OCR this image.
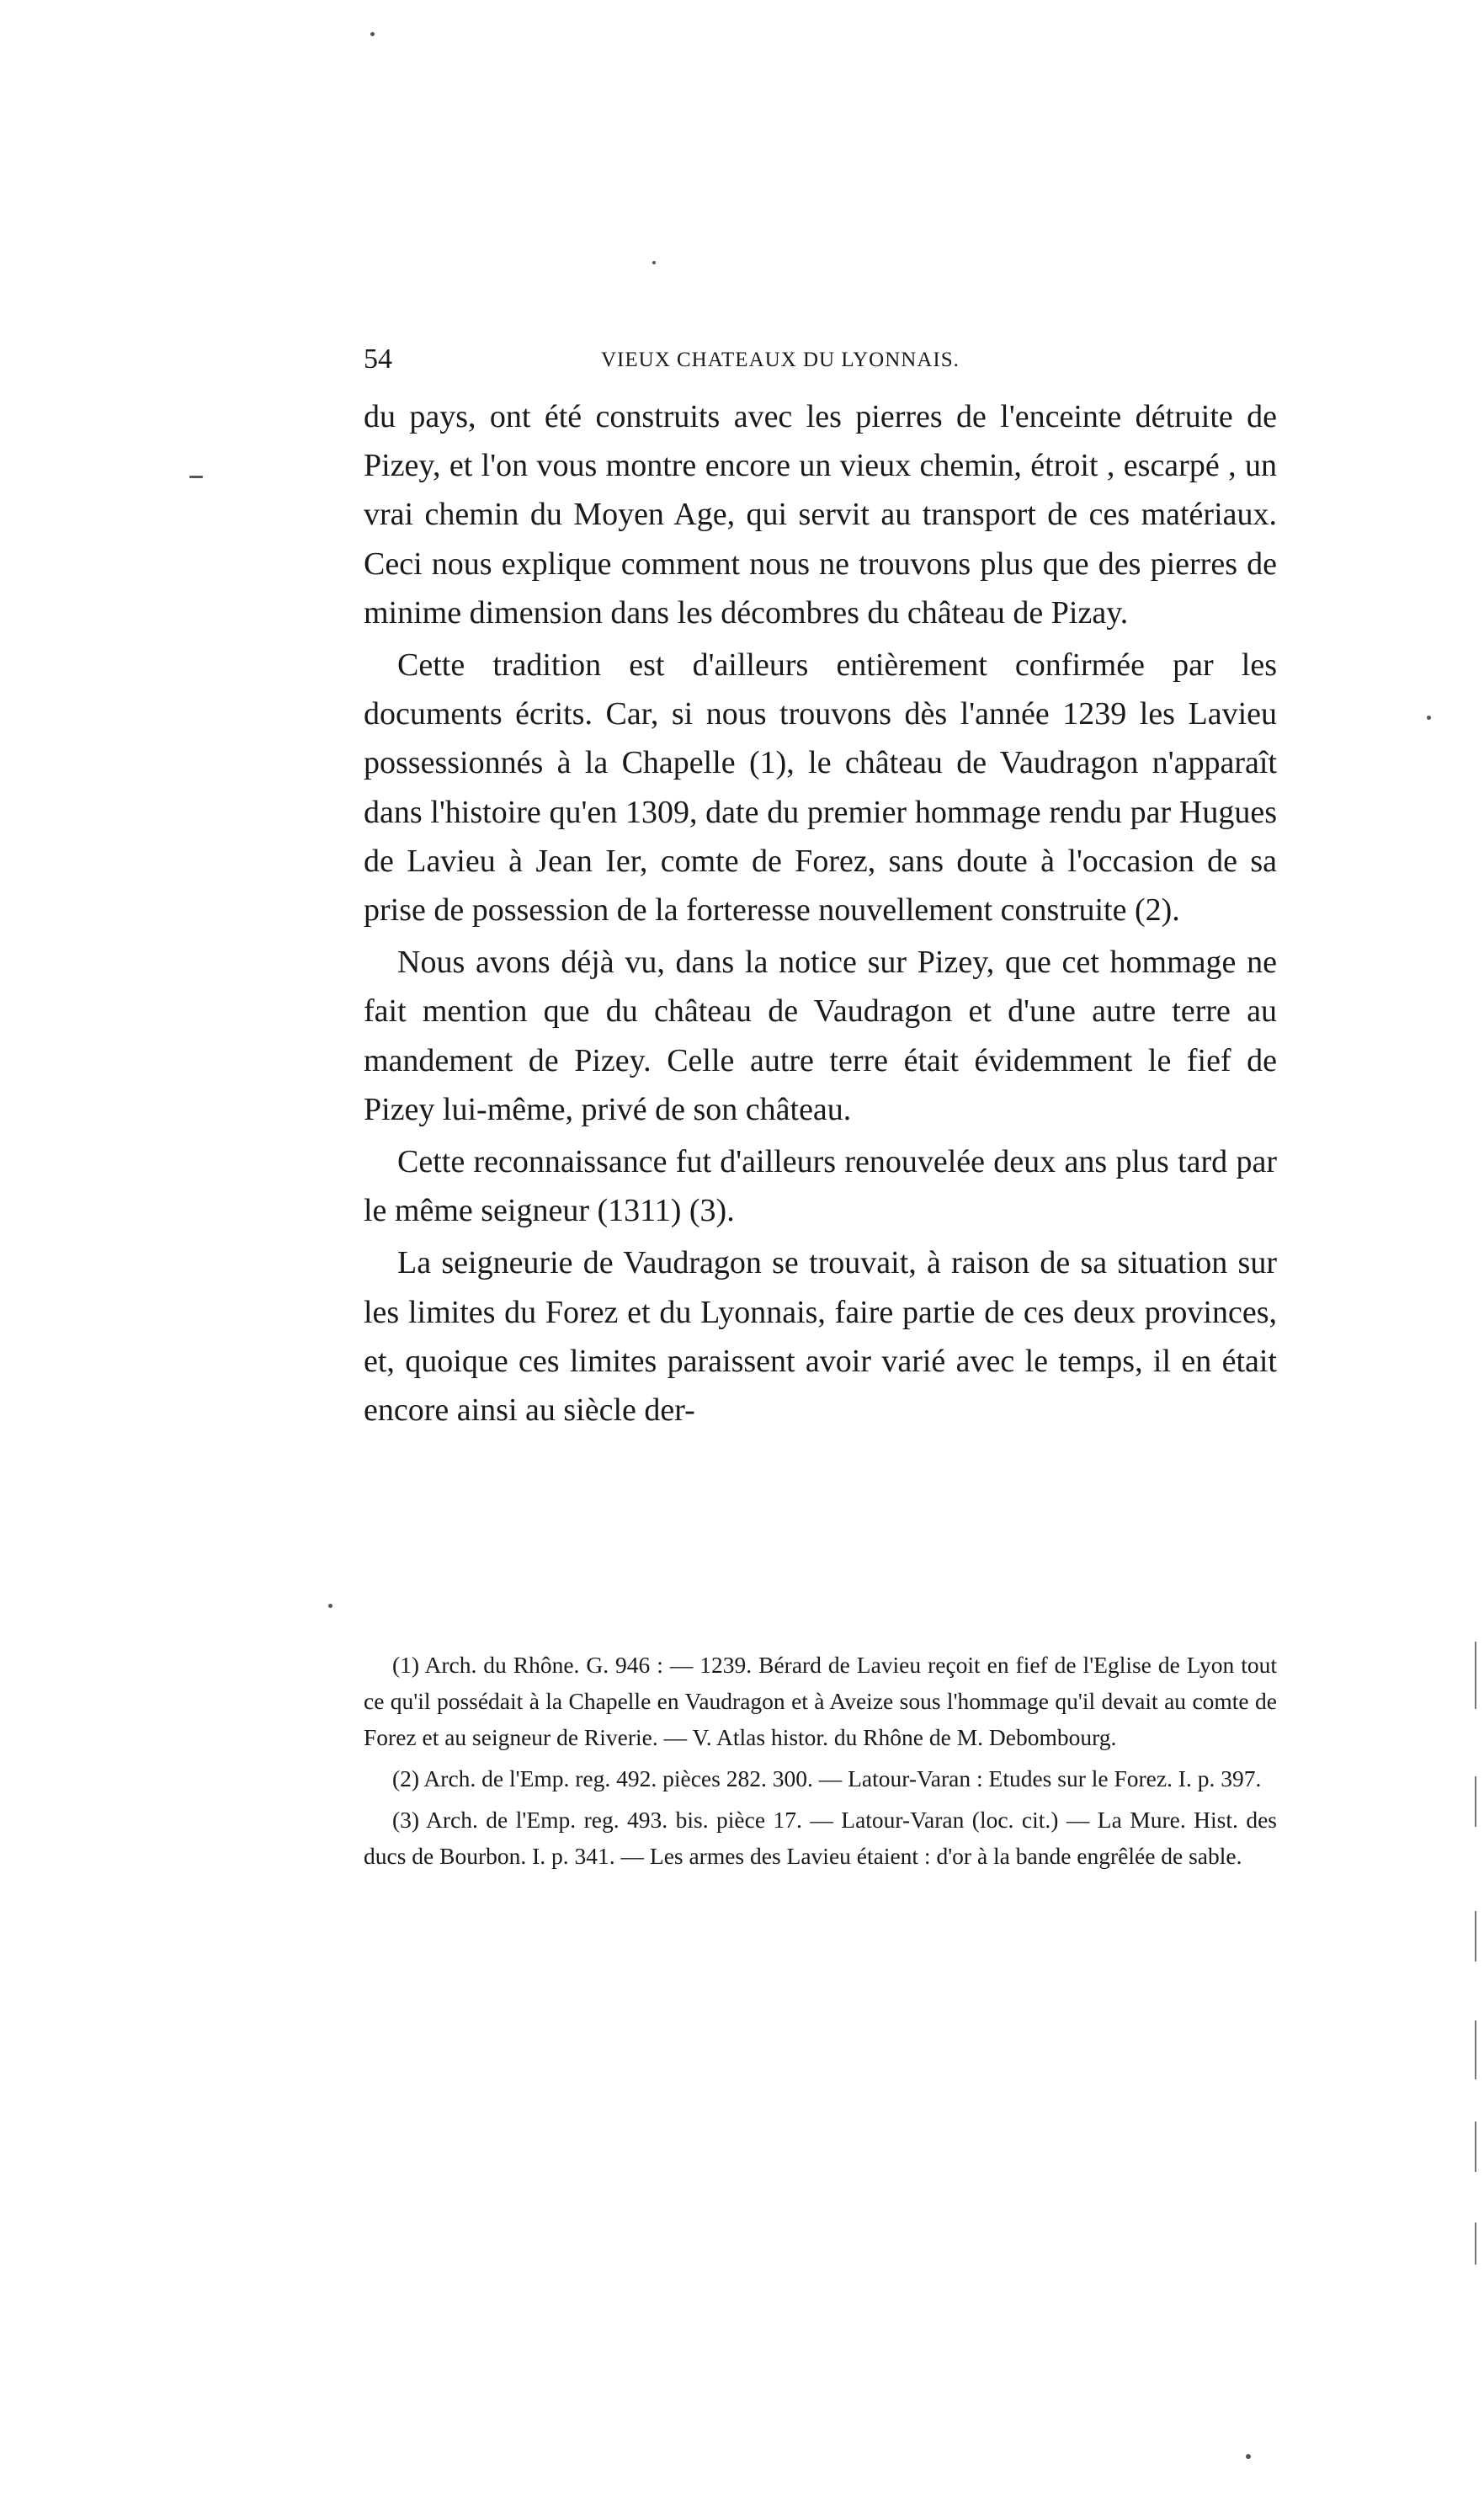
54	VIEUX CHATEAUX DU LYONNAIS.

du pays, ont été construits avec les pierres de l'enceinte détruite de Pizey, et l'on vous montre encore un vieux chemin, étroit , escarpé , un vrai chemin du Moyen Age, qui servit au transport de ces matériaux. Ceci nous explique comment nous ne trouvons plus que des pierres de minime dimension dans les décombres du château de Pizay.

Cette tradition est d'ailleurs entièrement confirmée par les documents écrits. Car, si nous trouvons dès l'année 1239 les Lavieu possessionnés à la Chapelle (1), le château de Vaudragon n'apparaît dans l'histoire qu'en 1309, date du premier hommage rendu par Hugues de Lavieu à Jean Ier, comte de Forez, sans doute à l'occasion de sa prise de possession de la forteresse nouvellement construite (2).

Nous avons déjà vu, dans la notice sur Pizey, que cet hommage ne fait mention que du château de Vaudragon et d'une autre terre au mandement de Pizey. Celle autre terre était évidemment le fief de Pizey lui-même, privé de son château.

Cette reconnaissance fut d'ailleurs renouvelée deux ans plus tard par le même seigneur (1311) (3).

La seigneurie de Vaudragon se trouvait, à raison de sa situation sur les limites du Forez et du Lyonnais, faire partie de ces deux provinces, et, quoique ces limites paraissent avoir varié avec le temps, il en était encore ainsi au siècle der-

(1) Arch. du Rhône. G. 946 : — 1239. Bérard de Lavieu reçoit en fief de l'Eglise de Lyon tout ce qu'il possédait à la Chapelle en Vaudragon et à Aveize sous l'hommage qu'il devait au comte de Forez et au seigneur de Riverie. — V. Atlas histor. du Rhône de M. Debombourg.

(2) Arch. de l'Emp. reg. 492. pièces 282. 300. — Latour-Varan : Etudes sur le Forez. I. p. 397.

(3) Arch. de l'Emp. reg. 493. bis. pièce 17. — Latour-Varan (loc. cit.) — La Mure. Hist. des ducs de Bourbon. I. p. 341. — Les armes des Lavieu étaient : d'or à la bande engrêlée de sable.
